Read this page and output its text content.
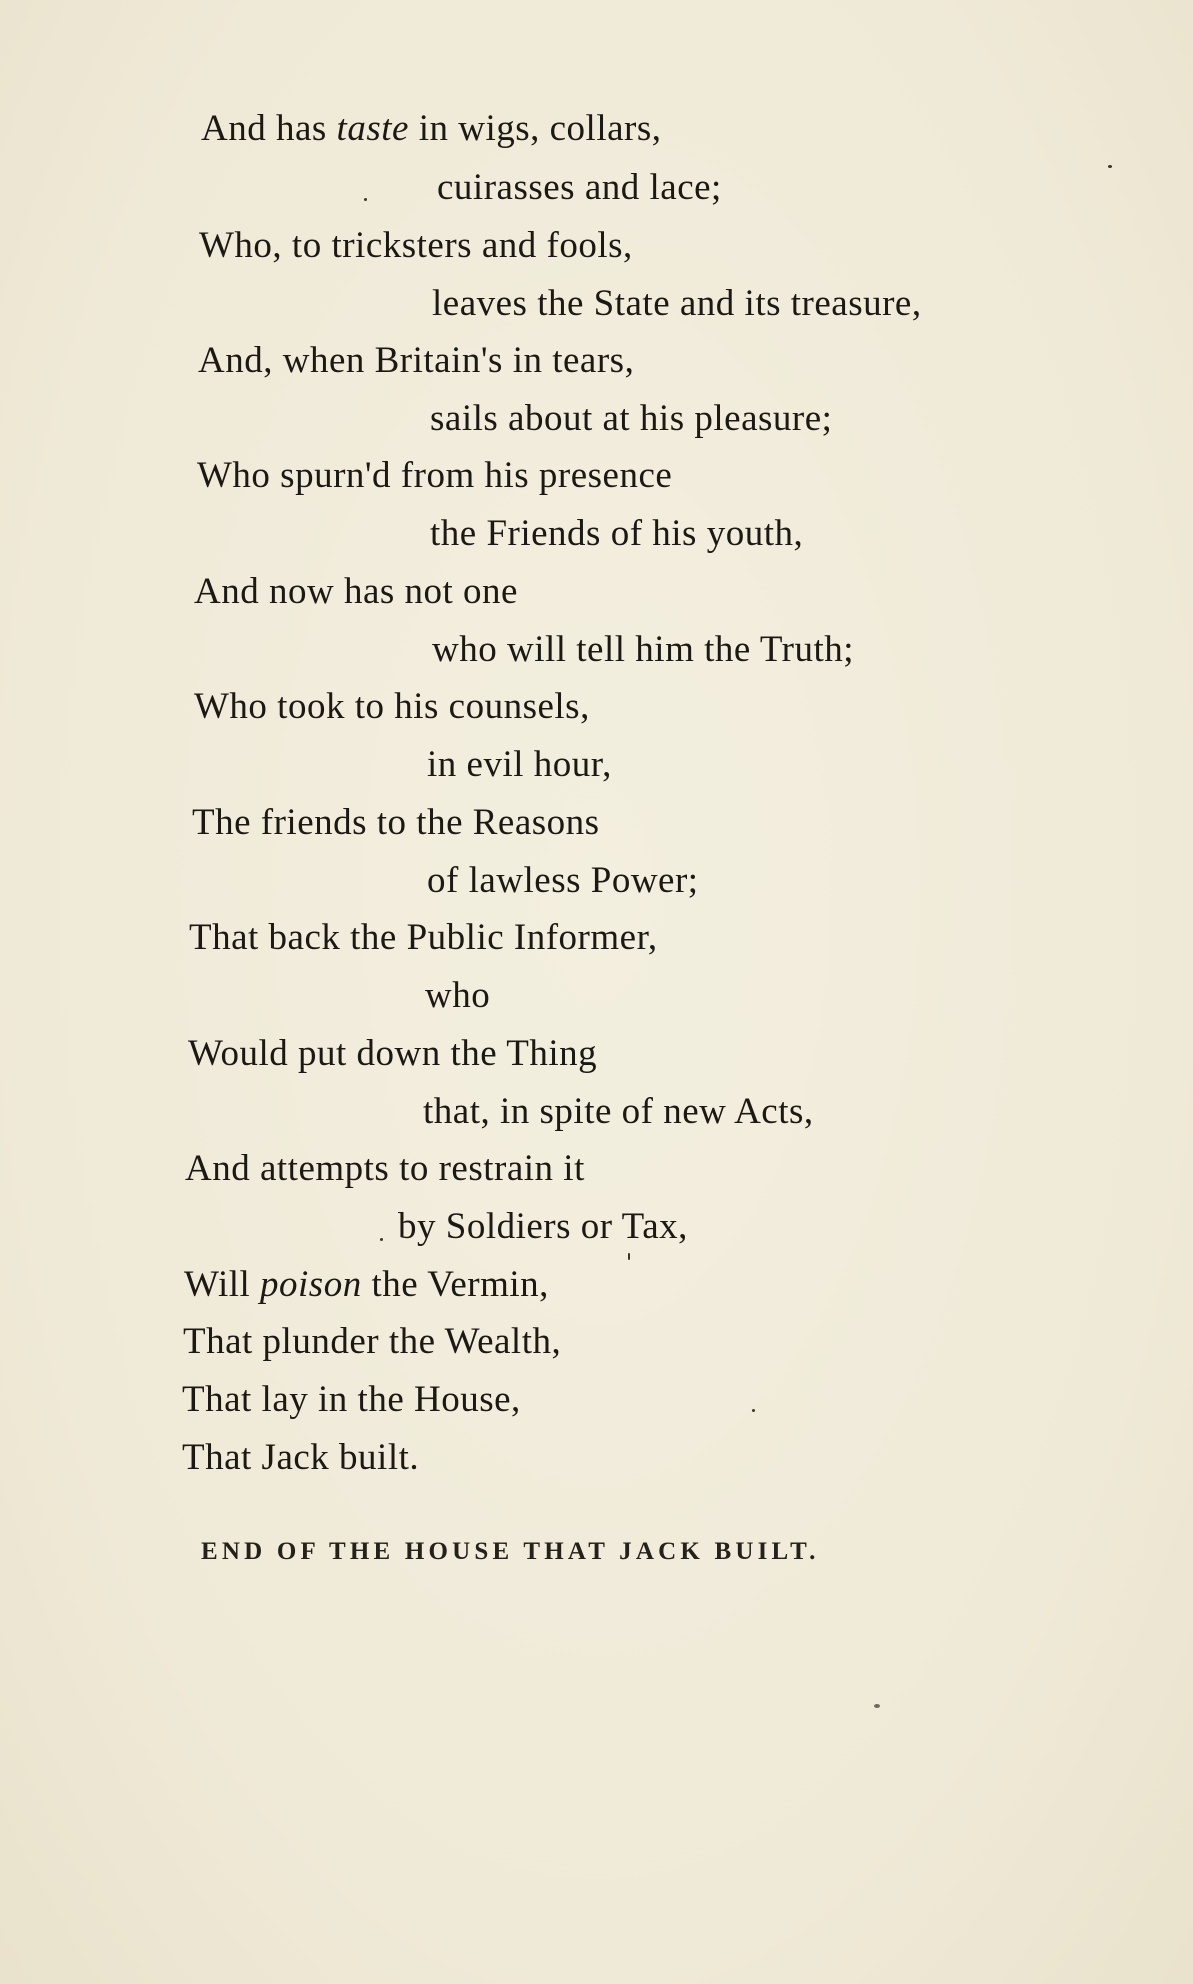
And has taste in wigs, collars,
cuirasses and lace;
Who, to tricksters and fools,
leaves the State and its treasure,
And, when Britain's in tears,
sails about at his pleasure;
Who spurn'd from his presence
the Friends of his youth,
And now has not one
who will tell him the Truth;
Who took to his counsels,
in evil hour,
The friends to the Reasons
of lawless Power;
That back the Public Informer,
who
Would put down the Thing
that, in spite of new Acts,
And attempts to restrain it
by Soldiers or Tax,
Will poison the Vermin,
That plunder the Wealth,
That lay in the House,
That Jack built.
END OF THE HOUSE THAT JACK BUILT.
